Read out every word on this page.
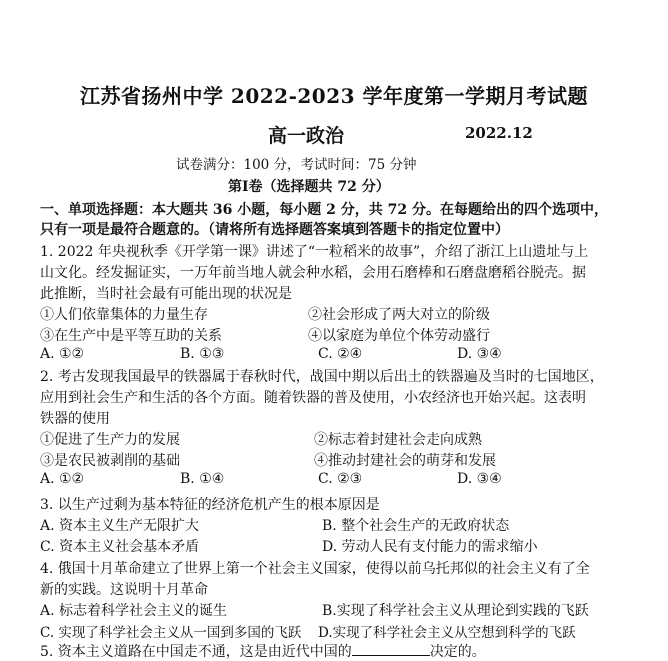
江苏省扬州中学 2022-2023 学年度第一学期月考试题
高一政治	2022.12
试卷满分：100 分，考试时间：75 分钟
第Ⅰ卷（选择题共 72 分）
一、单项选择题：本大题共 36 小题，每小题 2 分，共 72 分。在每题给出的四个选项中，
只有一项是最符合题意的。（请将所有选择题答案填到答题卡的指定位置中）
1. 2022 年央视秋季《开学第一课》讲述了“一粒稻米的故事”，介绍了浙江上山遗址与上
山文化。经发掘证实，一万年前当地人就会种水稻，会用石磨棒和石磨盘磨稻谷脱壳。据
此推断，当时社会最有可能出现的状况是
①人们依靠集体的力量生存	②社会形成了两大对立的阶级
③在生产中是平等互助的关系	④以家庭为单位个体劳动盛行
A. ①②	B. ①③	C. ②④	D. ③④
2. 考古发现我国最早的铁器属于春秋时代，战国中期以后出土的铁器遍及当时的七国地区，
应用到社会生产和生活的各个方面。随着铁器的普及使用，小农经济也开始兴起。这表明
铁器的使用
①促进了生产力的发展	②标志着封建社会走向成熟
③是农民被剥削的基础	④推动封建社会的萌芽和发展
A. ①②	B. ①④	C. ②③	D. ③④
3. 以生产过剩为基本特征的经济危机产生的根本原因是
A. 资本主义生产无限扩大	B. 整个社会生产的无政府状态
C. 资本主义社会基本矛盾	D. 劳动人民有支付能力的需求缩小
4. 俄国十月革命建立了世界上第一个社会主义国家，使得以前乌托邦似的社会主义有了全
新的实践。这说明十月革命
A. 标志着科学社会主义的诞生	B.实现了科学社会主义从理论到实践的飞跃
C. 实现了科学社会主义从一国到多国的飞跃 D.实现了科学社会主义从空想到科学的飞跃
5. 资本主义道路在中国走不通，这是由近代中国的	决定的。
